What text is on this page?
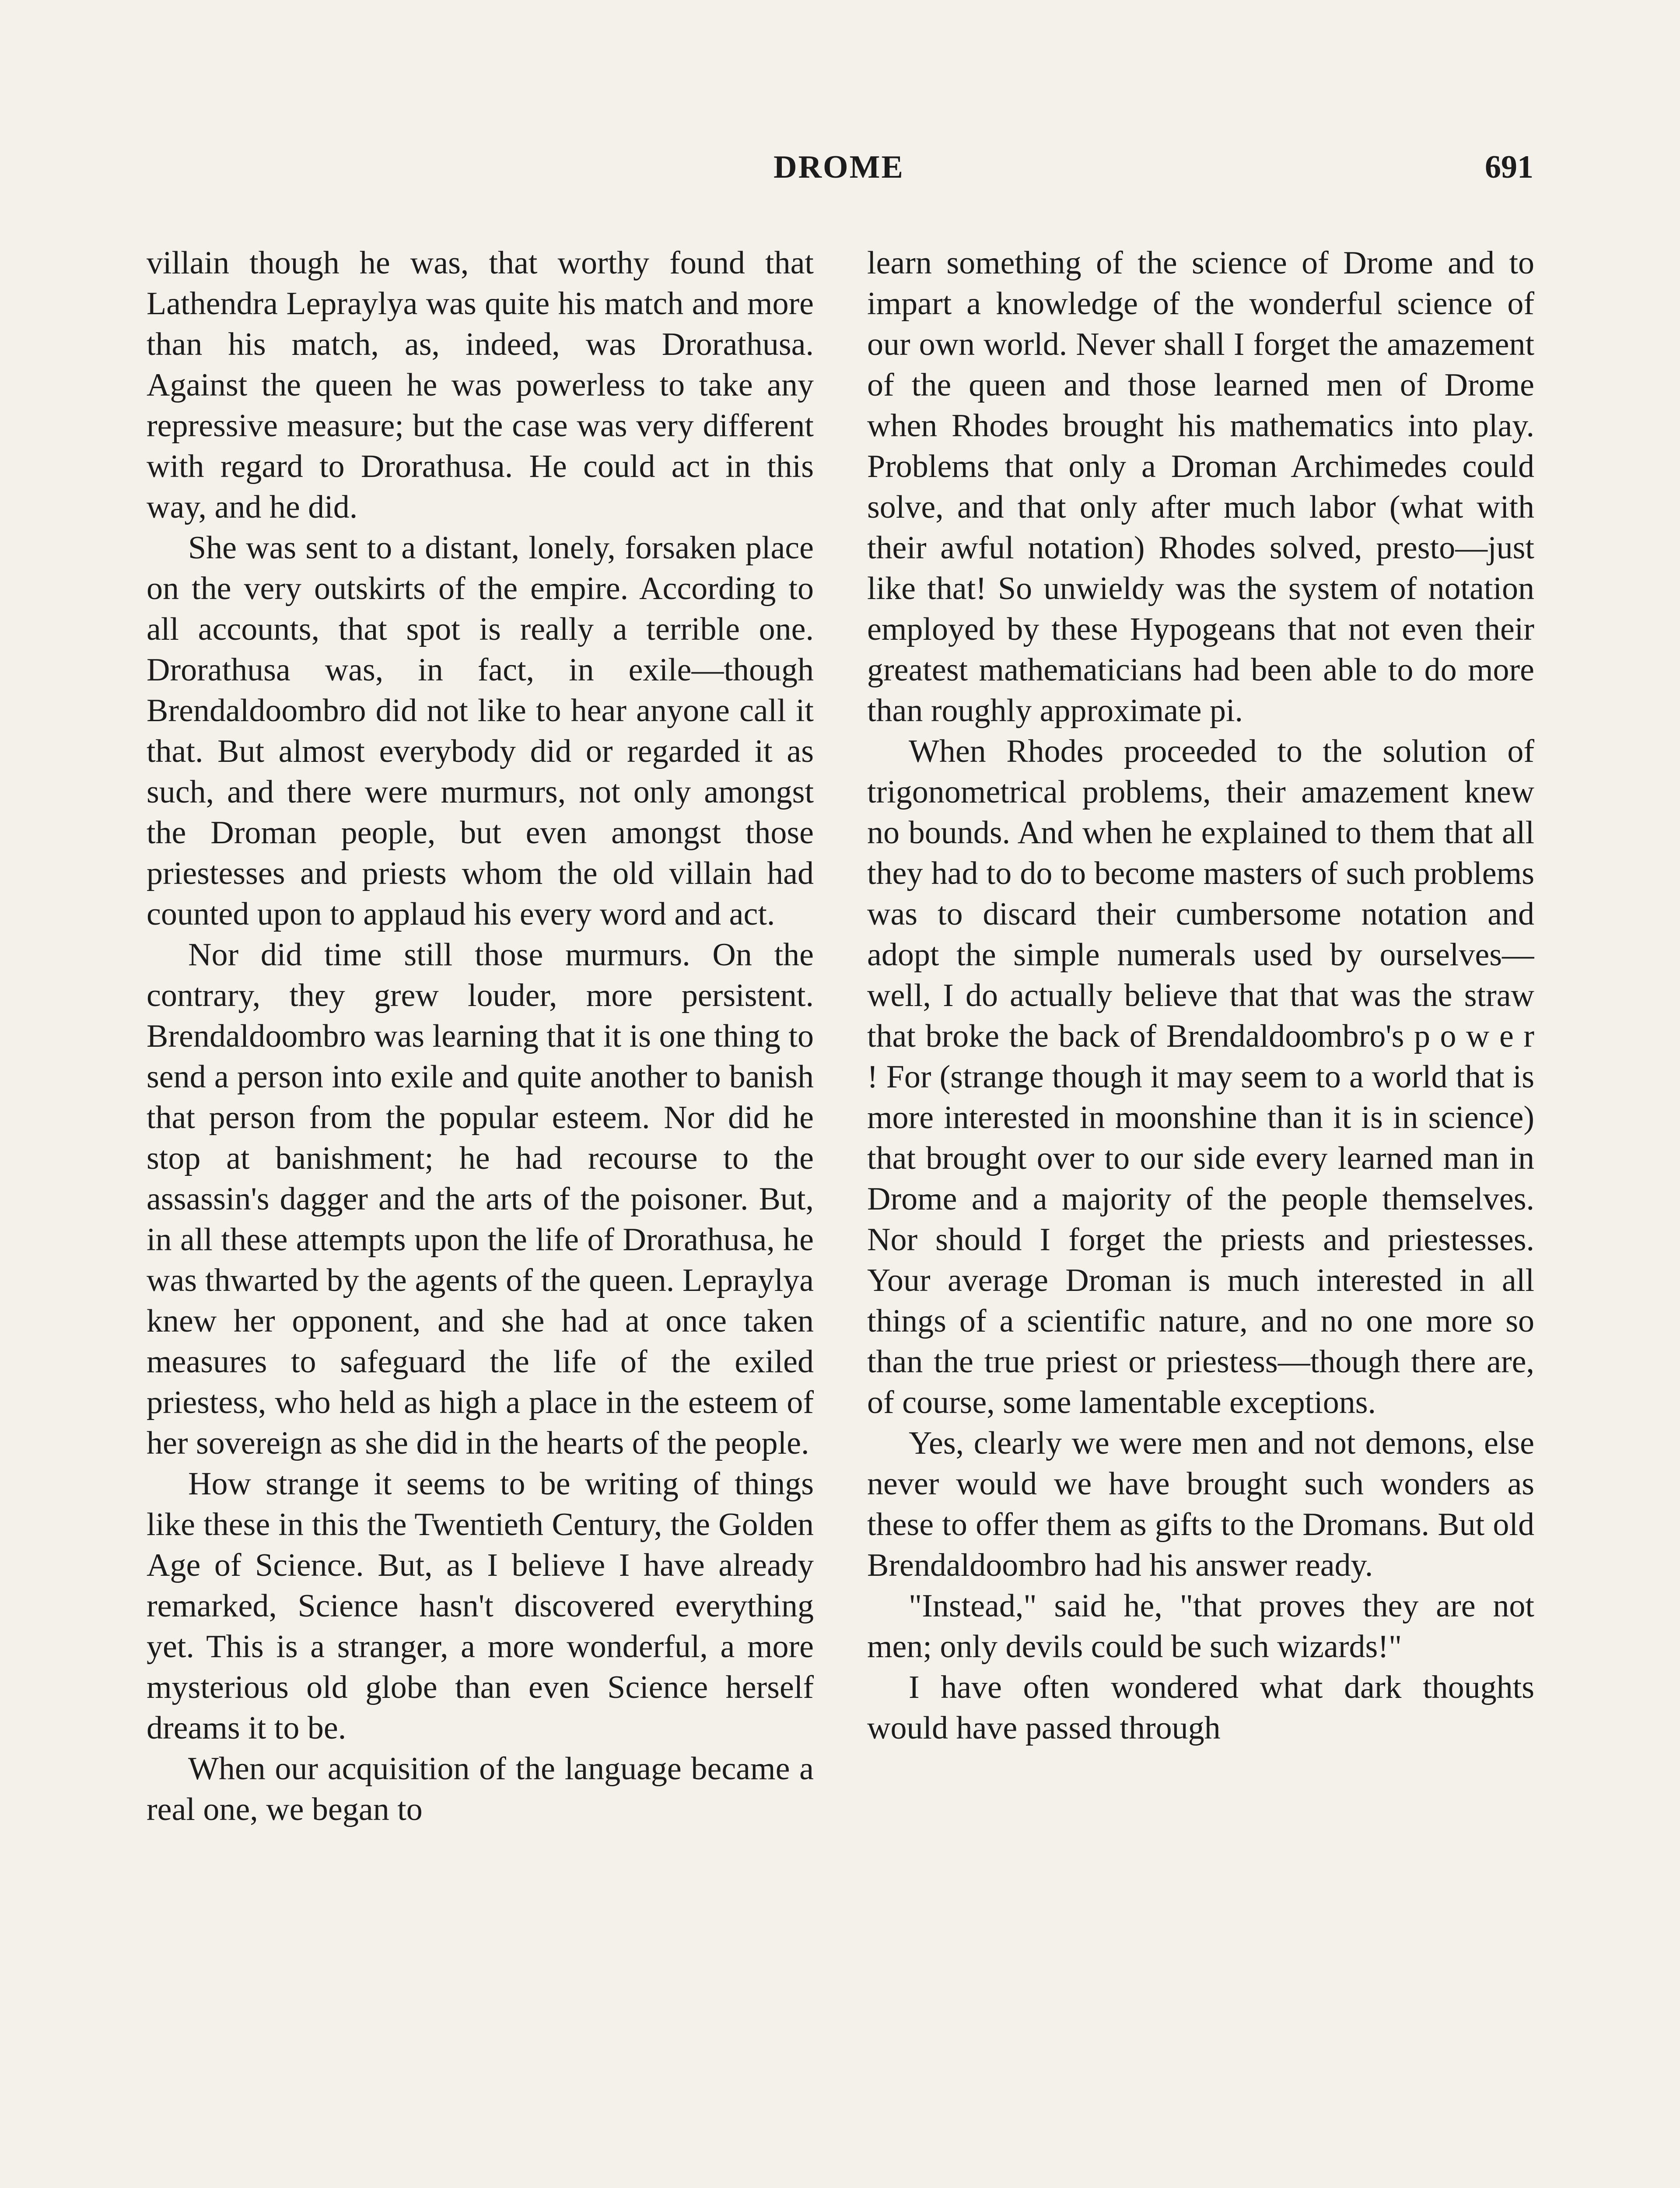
DROME	691

villain though he was, that worthy found that Lathendra Lepraylya was quite his match and more than his match, as, indeed, was Drorathusa. Against the queen he was powerless to take any repressive measure; but the case was very different with regard to Drorathusa. He could act in this way, and he did.

She was sent to a distant, lonely, forsaken place on the very outskirts of the empire. According to all accounts, that spot is really a terrible one. Drorathusa was, in fact, in exile—though Brendaldoombro did not like to hear anyone call it that. But almost everybody did or regarded it as such, and there were murmurs, not only amongst the Droman people, but even amongst those priestesses and priests whom the old villain had counted upon to applaud his every word and act.

Nor did time still those murmurs. On the contrary, they grew louder, more persistent. Brendaldoombro was learning that it is one thing to send a person into exile and quite another to banish that person from the popular esteem. Nor did he stop at banishment; he had recourse to the assassin's dagger and the arts of the poisoner. But, in all these attempts upon the life of Drorathusa, he was thwarted by the agents of the queen. Lepraylya knew her opponent, and she had at once taken measures to safeguard the life of the exiled priestess, who held as high a place in the esteem of her sovereign as she did in the hearts of the people.

How strange it seems to be writing of things like these in this the Twentieth Century, the Golden Age of Science. But, as I believe I have already remarked, Science hasn't discovered everything yet. This is a stranger, a more wonderful, a more mysterious old globe than even Science herself dreams it to be.

When our acquisition of the language became a real one, we began to

learn something of the science of Drome and to impart a knowledge of the wonderful science of our own world. Never shall I forget the amazement of the queen and those learned men of Drome when Rhodes brought his mathematics into play. Problems that only a Droman Archimedes could solve, and that only after much labor (what with their awful notation) Rhodes solved, presto—just like that! So unwieldy was the system of notation employed by these Hypogeans that not even their greatest mathematicians had been able to do more than roughly approximate pi.

When Rhodes proceeded to the solution of trigonometrical problems, their amazement knew no bounds. And when he explained to them that all they had to do to become masters of such problems was to discard their cumbersome notation and adopt the simple numerals used by ourselves—well, I do actually believe that that was the straw that broke the back of Brendaldoombro's p o w e r ! For (strange though it may seem to a world that is more interested in moonshine than it is in science) that brought over to our side every learned man in Drome and a majority of the people themselves. Nor should I forget the priests and priestesses. Your average Droman is much interested in all things of a scientific nature, and no one more so than the true priest or priestess—though there are, of course, some lamentable exceptions.

Yes, clearly we were men and not demons, else never would we have brought such wonders as these to offer them as gifts to the Dromans. But old Brendaldoombro had his answer ready.

"Instead," said he, "that proves they are not men; only devils could be such wizards!"

I have often wondered what dark thoughts would have passed through
